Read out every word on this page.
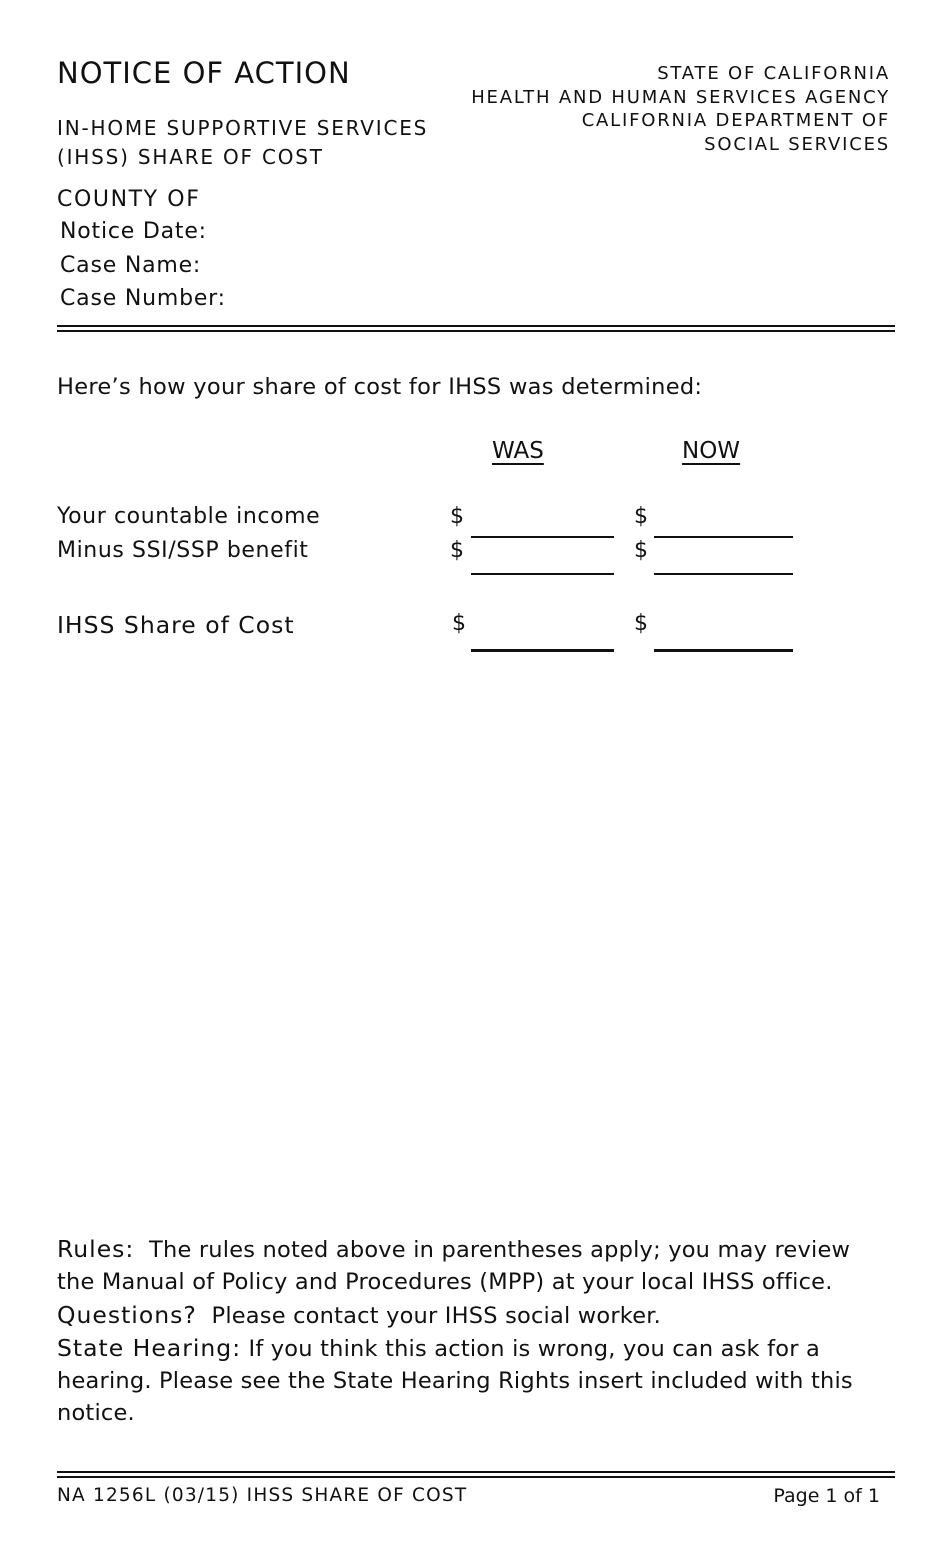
NOTICE OF ACTION	STATE OF CALIFORNIA
HEALTH AND HUMAN SERVICES AGENCY
CALIFORNIA DEPARTMENT OF
SOCIAL SERVICES
IN-HOME SUPPORTIVE SERVICES
(IHSS) SHARE OF COST
COUNTY OF
Notice Date:
Case Name:
Case Number:
Here’s how your share of cost for IHSS was determined:
WAS	NOW
Your countable income	$	$
Minus SSI/SSP benefit	$	$
IHSS Share of Cost	$	$

Rules: The rules noted above in parentheses apply; you may review the Manual of Policy and Procedures (MPP) at your local IHSS office.

Questions? Please contact your IHSS social worker.

State Hearing: If you think this action is wrong, you can ask for a hearing. Please see the State Hearing Rights insert included with this notice.

NA 1256L (03/15) IHSS SHARE OF COST	Page 1 of 1
